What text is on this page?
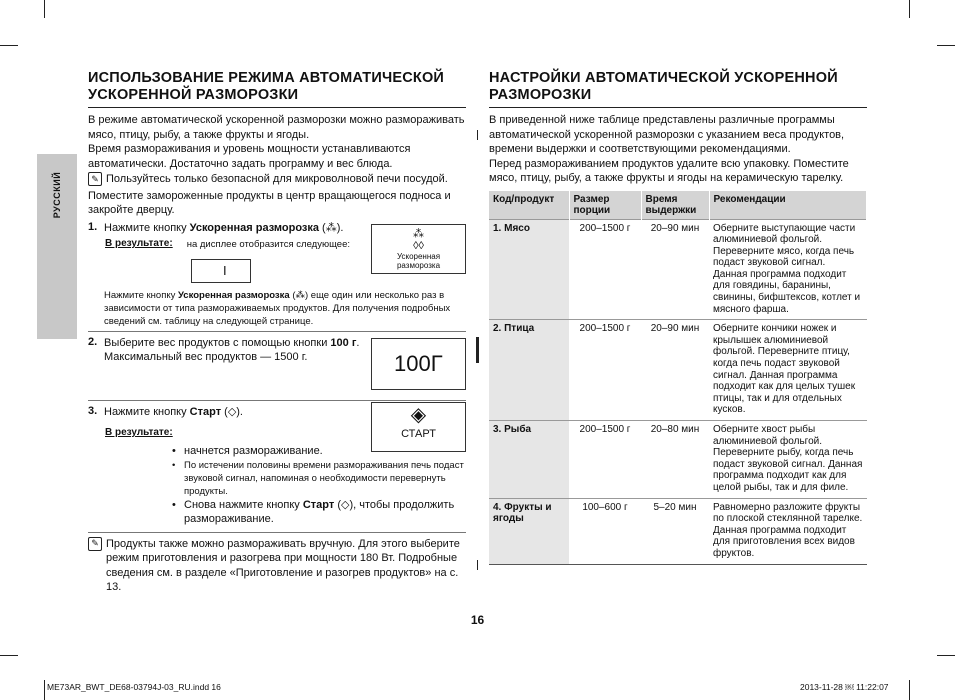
РУССКИЙ
ИСПОЛЬЗОВАНИЕ РЕЖИМА АВТОМАТИЧЕСКОЙ УСКОРЕННОЙ РАЗМОРОЗКИ

В режиме автоматической ускоренной разморозки можно размораживать мясо, птицу, рыбу, а также фрукты и ягоды.

Время размораживания и уровень мощности устанавливаются автоматически. Достаточно задать программу и вес блюда.

✎ Пользуйтесь только безопасной для микроволновой печи посудой.

Поместите замороженные продукты в центр вращающегося подноса и закройте дверцу.

1. Нажмите кнопку Ускоренная разморозка (⁂).

В результате: на дисплее отобразится следующее:
I
⁂
◊◊
Ускоренная разморозка

Нажмите кнопку Ускоренная разморозка (⁂) еще один или несколько раз в зависимости от типа размораживаемых продуктов. Для получения подробных сведений см. таблицу на следующей странице.

2. Выберите вес продуктов с помощью кнопки 100 г. Максимальный вес продуктов — 1500 г.	100Г
3. Нажмите кнопку Старт (◇).

В результате:
◈
СТАРТ
• начнется размораживание.
• По истечении половины времени размораживания печь подаст звуковой сигнал, напоминая о необходимости перевернуть продукты.
• Снова нажмите кнопку Старт (◇), чтобы продолжить размораживание.
✎ Продукты также можно размораживать вручную. Для этого выберите режим приготовления и разогрева при мощности 180 Вт. Подробные сведения см. в разделе «Приготовление и разогрев продуктов» на с. 13.

НАСТРОЙКИ АВТОМАТИЧЕСКОЙ УСКОРЕННОЙ РАЗМОРОЗКИ

В приведенной ниже таблице представлены различные программы автоматической ускоренной разморозки с указанием веса продуктов, времени выдержки и соответствующими рекомендациями.

Перед размораживанием продуктов удалите всю упаковку. Поместите мясо, птицу, рыбу, а также фрукты и ягоды на керамическую тарелку.

Код/продукт	Размер порции	Время выдержки	Рекомендации
1. Мясо	200–1500 г	20–90 мин	Оберните выступающие части алюминиевой фольгой. Переверните мясо, когда печь подаст звуковой сигнал.
Данная программа подходит для говядины, баранины, свинины, бифштексов, котлет и мясного фарша.

2. Птица	200–1500 г	20–90 мин	Оберните кончики ножек и крылышек алюминиевой фольгой. Переверните птицу, когда печь подаст звуковой сигнал. Данная программа подходит как для целых тушек птицы, так и для отдельных кусков.

3. Рыба	200–1500 г	20–80 мин	Оберните хвост рыбы алюминиевой фольгой. Переверните рыбу, когда печь подаст звуковой сигнал. Данная программа подходит как для целой рыбы, так и для филе.

4. Фрукты и ягоды	100–600 г	5–20 мин	Равномерно разложите фрукты по плоской стеклянной тарелке.
Данная программа подходит для приготовления всех видов фруктов.
16
ME73AR_BWT_DE68-03794J-03_RU.indd 16	2013-11-28 ￼ 11:22:07
